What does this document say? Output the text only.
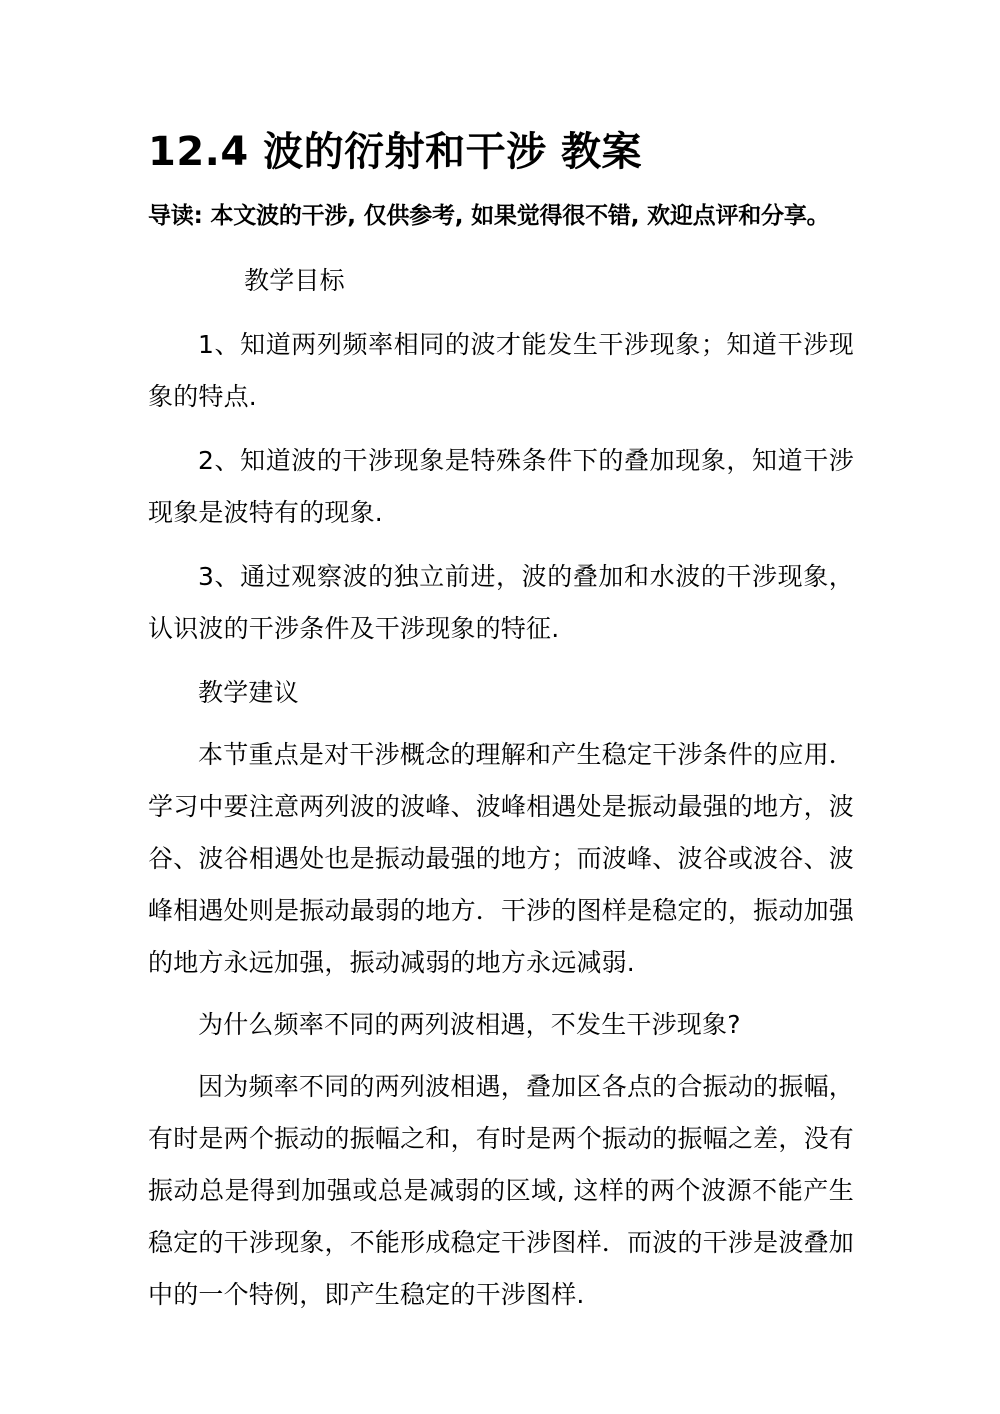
12.4 波的衍射和干涉 教案

导读: 本文波的干涉, 仅供参考, 如果觉得很不错, 欢迎点评和分享。

教学目标

1、知道两列频率相同的波才能发生干涉现象；知道干涉现象的特点.

2、知道波的干涉现象是特殊条件下的叠加现象，知道干涉现象是波特有的现象.

3、通过观察波的独立前进，波的叠加和水波的干涉现象，认识波的干涉条件及干涉现象的特征.

教学建议

本节重点是对干涉概念的理解和产生稳定干涉条件的应用．学习中要注意两列波的波峰、波峰相遇处是振动最强的地方，波谷、波谷相遇处也是振动最强的地方；而波峰、波谷或波谷、波峰相遇处则是振动最弱的地方．干涉的图样是稳定的，振动加强的地方永远加强，振动减弱的地方永远减弱.

为什么频率不同的两列波相遇，不发生干涉现象?

因为频率不同的两列波相遇，叠加区各点的合振动的振幅，有时是两个振动的振幅之和，有时是两个振动的振幅之差，没有振动总是得到加强或总是减弱的区域, 这样的两个波源不能产生稳定的干涉现象，不能形成稳定干涉图样．而波的干涉是波叠加中的一个特例，即产生稳定的干涉图样.
